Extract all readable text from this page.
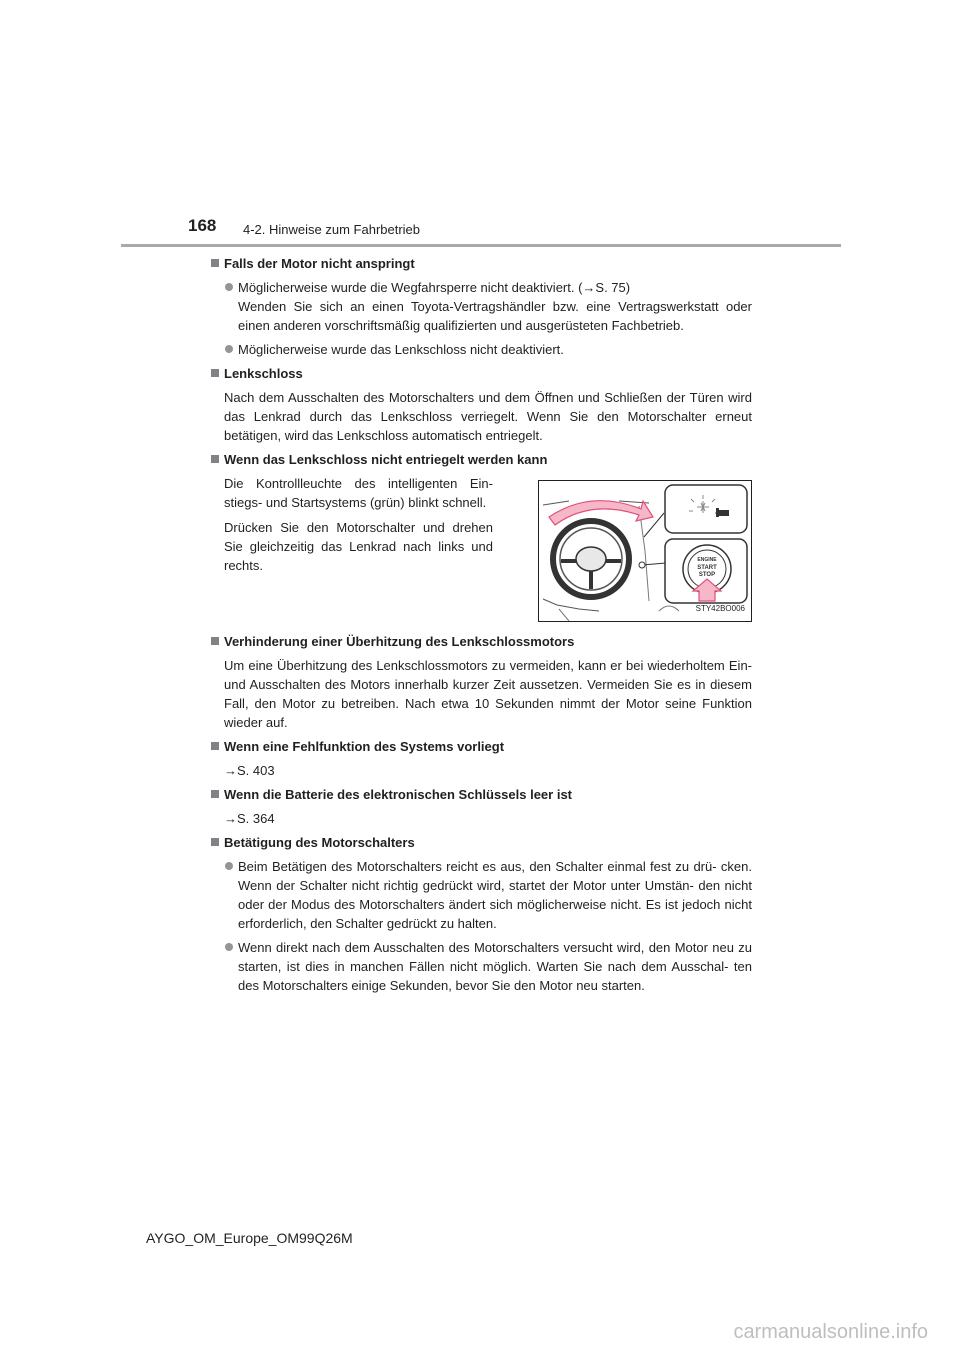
168 4-2. Hinweise zum Fahrbetrieb
Falls der Motor nicht anspringt
Möglicherweise wurde die Wegfahrsperre nicht deaktiviert. (→S. 75)
Wenden Sie sich an einen Toyota-Vertragshändler bzw. eine Vertragswerkstatt oder einen anderen vorschriftsmäßig qualifizierten und ausgerüsteten Fachbetrieb.
Möglicherweise wurde das Lenkschloss nicht deaktiviert.
Lenkschloss
Nach dem Ausschalten des Motorschalters und dem Öffnen und Schließen der Türen wird das Lenkrad durch das Lenkschloss verriegelt. Wenn Sie den Motorschalter erneut betätigen, wird das Lenkschloss automatisch entriegelt.
Wenn das Lenkschloss nicht entriegelt werden kann
Die Kontrollleuchte des intelligenten Ein- stiegs- und Startsystems (grün) blinkt schnell.
Drücken Sie den Motorschalter und drehen Sie gleichzeitig das Lenkrad nach links und rechts.	ENGINE
START
STOP
STY42BO006
Verhinderung einer Überhitzung des Lenkschlossmotors
Um eine Überhitzung des Lenkschlossmotors zu vermeiden, kann er bei wiederholtem Ein- und Ausschalten des Motors innerhalb kurzer Zeit aussetzen. Vermeiden Sie es in diesem Fall, den Motor zu betreiben. Nach etwa 10 Sekunden nimmt der Motor seine Funktion wieder auf.
Wenn eine Fehlfunktion des Systems vorliegt
→S. 403
Wenn die Batterie des elektronischen Schlüssels leer ist
→S. 364
Betätigung des Motorschalters
Beim Betätigen des Motorschalters reicht es aus, den Schalter einmal fest zu drü- cken. Wenn der Schalter nicht richtig gedrückt wird, startet der Motor unter Umstän- den nicht oder der Modus des Motorschalters ändert sich möglicherweise nicht. Es ist jedoch nicht erforderlich, den Schalter gedrückt zu halten.
Wenn direkt nach dem Ausschalten des Motorschalters versucht wird, den Motor neu zu starten, ist dies in manchen Fällen nicht möglich. Warten Sie nach dem Ausschal- ten des Motorschalters einige Sekunden, bevor Sie den Motor neu starten.
AYGO_OM_Europe_OM99Q26M
carmanualsonline.info
